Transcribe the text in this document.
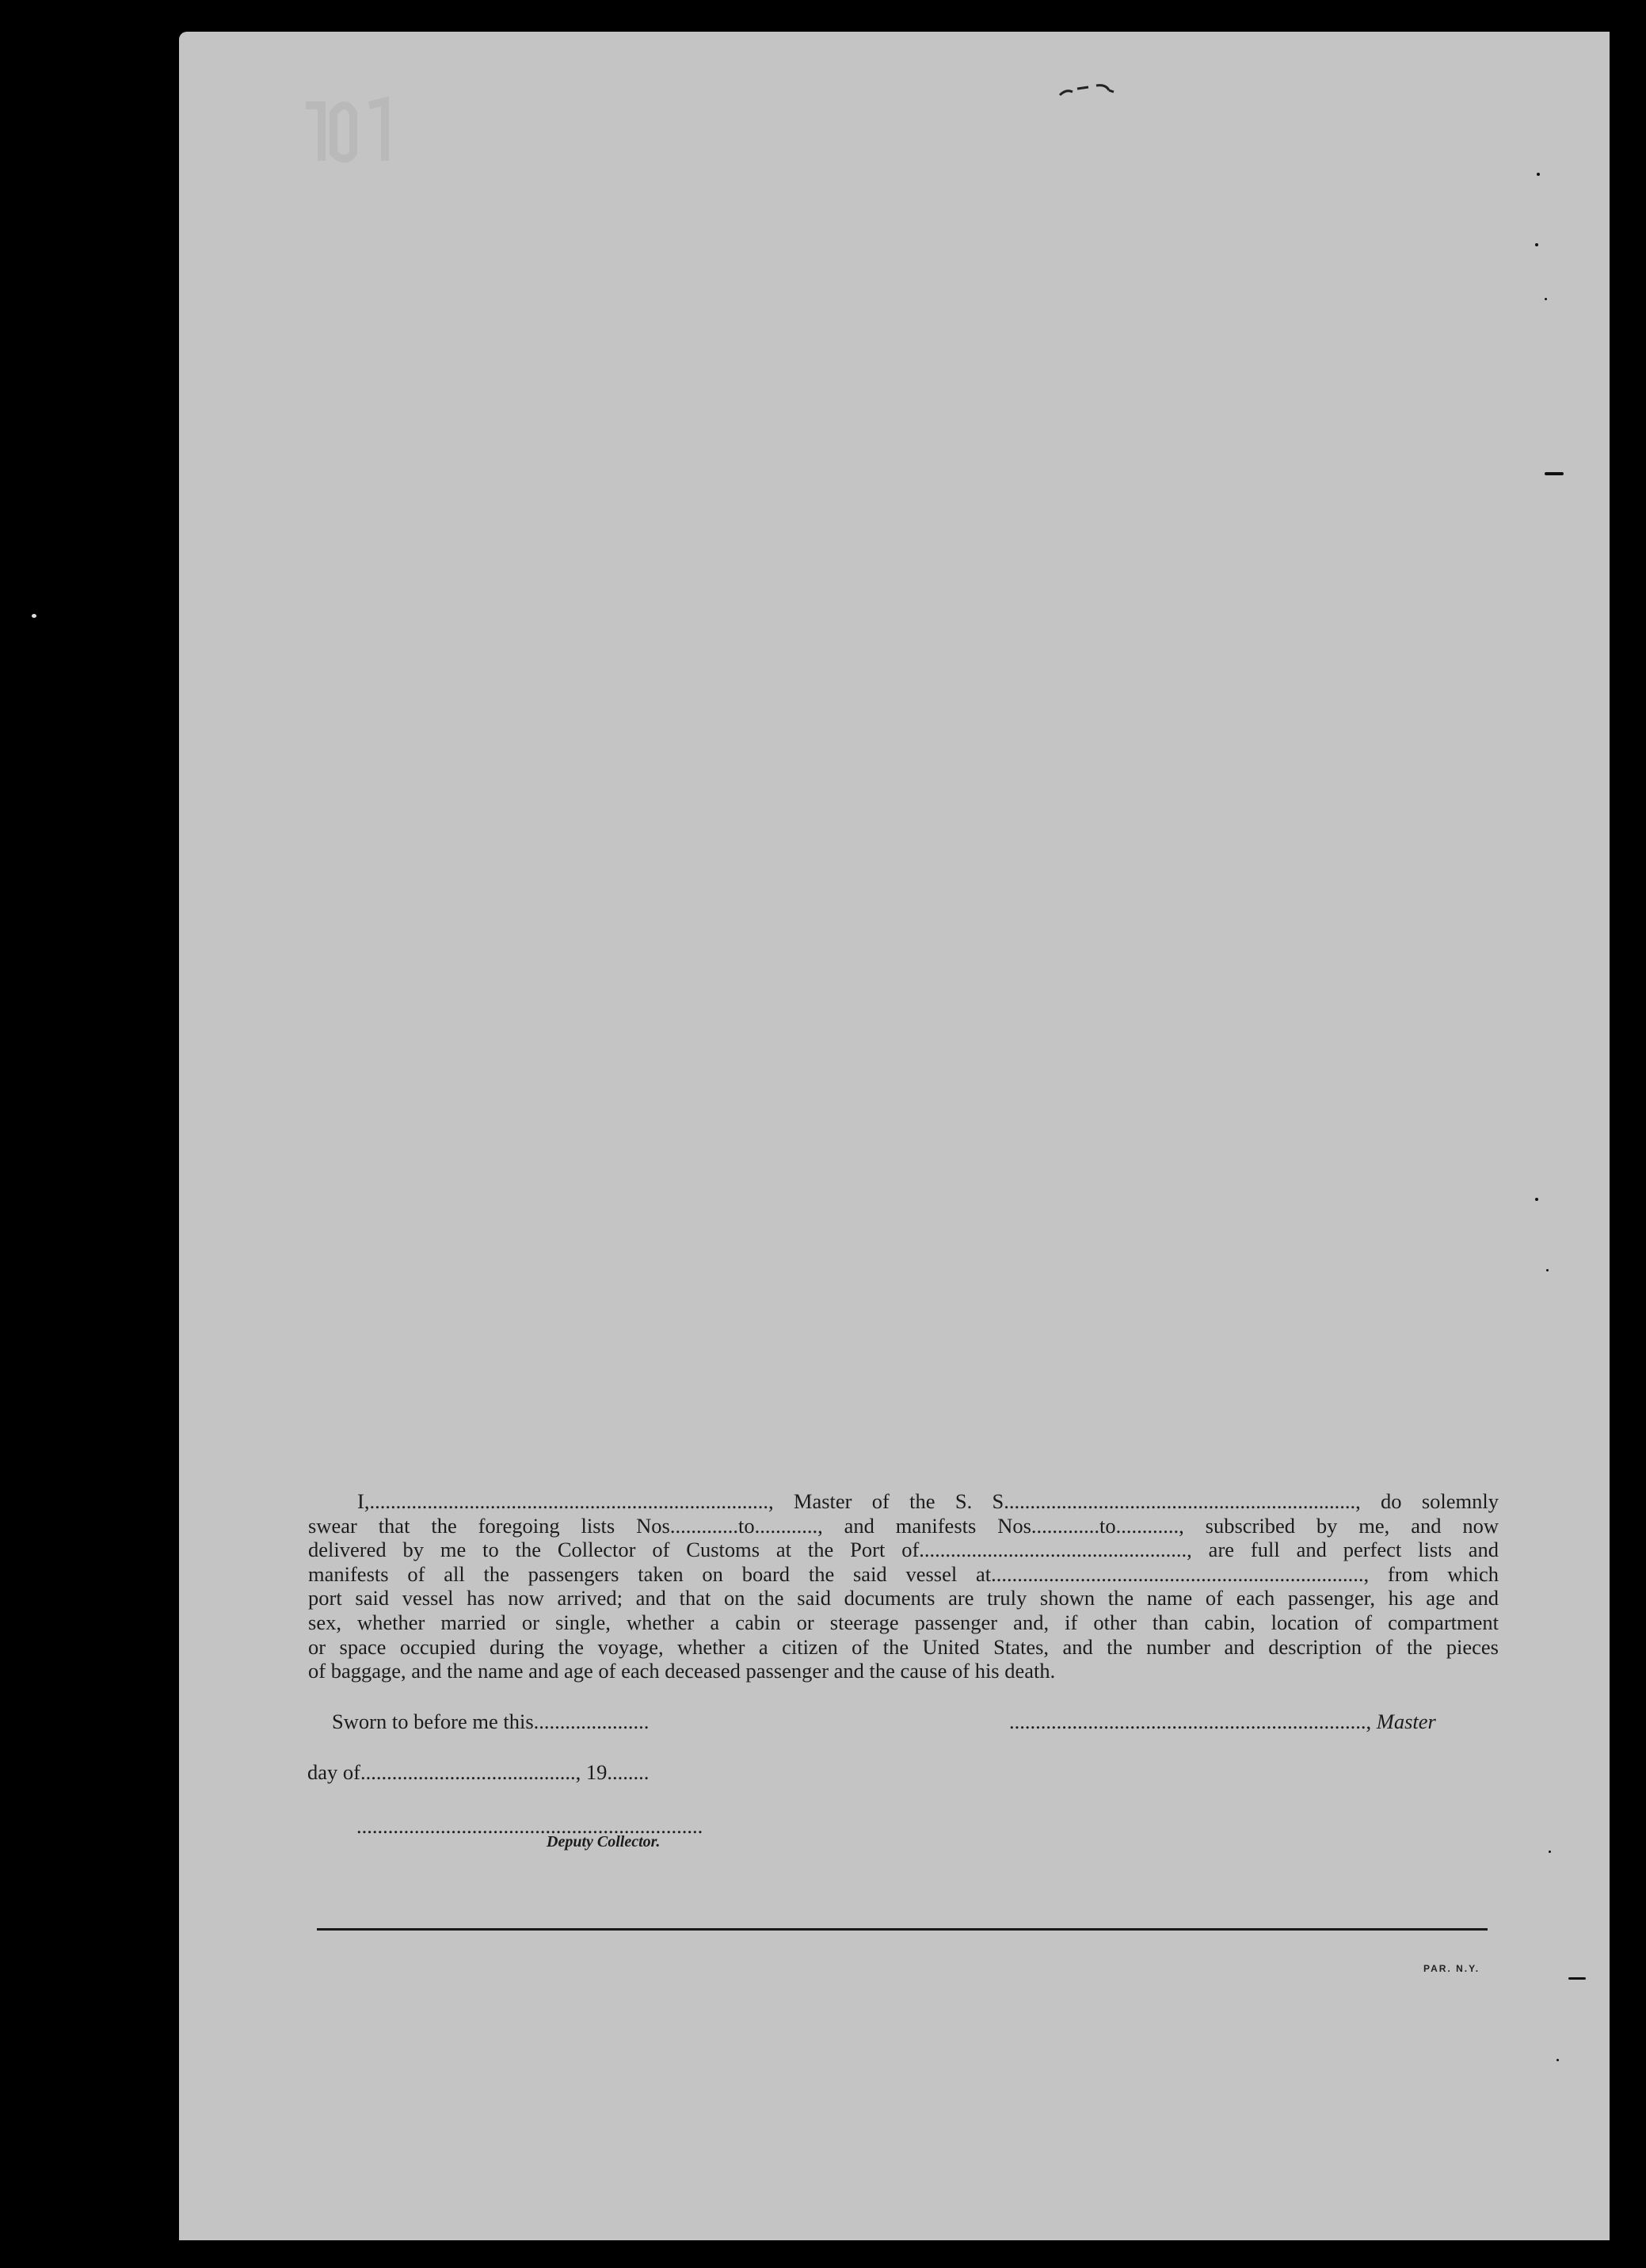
I,............................................................................, Master of the S. S..................................................................., do solemnly

swear that the foregoing lists Nos.............to............, and manifests Nos.............to............, subscribed by me, and now

delivered by me to the Collector of Customs at the Port of..................................................., are full and perfect lists and

manifests of all the passengers taken on board the said vessel at......................................................................., from which

port said vessel has now arrived; and that on the said documents are truly shown the name of each passenger, his age and

sex, whether married or single, whether a cabin or steerage passenger and, if other than cabin, location of compartment

or space occupied during the voyage, whether a citizen of the United States, and the number and description of the pieces

of baggage, and the name and age of each deceased passenger and the cause of his death.

Sworn to before me this......................	...................................................................., Master
day of........................................., 19........
..................................................................
Deputy Collector.
PAR. N.Y.
